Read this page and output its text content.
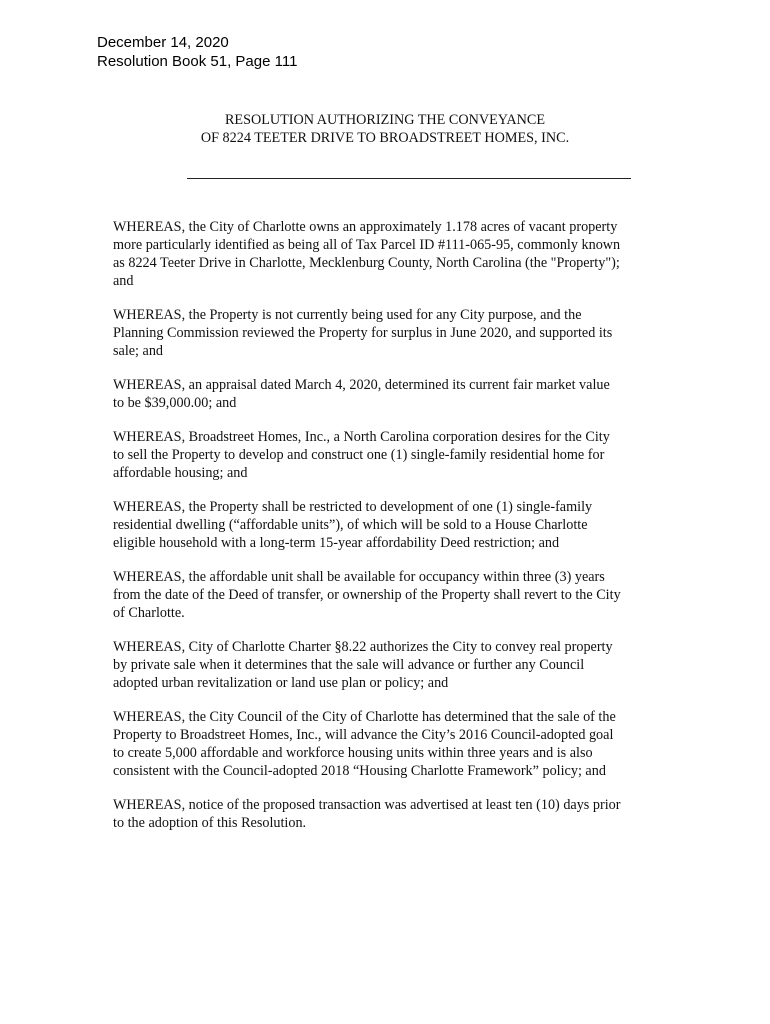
December 14, 2020
Resolution Book 51, Page 111
RESOLUTION AUTHORIZING THE CONVEYANCE
OF 8224 TEETER DRIVE TO BROADSTREET HOMES, INC.
WHEREAS, the City of Charlotte owns an approximately 1.178 acres of vacant property
more particularly identified as being all of Tax Parcel ID #111-065-95, commonly known
as 8224 Teeter Drive in Charlotte, Mecklenburg County, North Carolina (the "Property");
and
WHEREAS, the Property is not currently being used for any City purpose, and the
Planning Commission reviewed the Property for surplus in June 2020, and supported its
sale; and
WHEREAS, an appraisal dated March 4, 2020, determined its current fair market value
to be $39,000.00; and
WHEREAS, Broadstreet Homes, Inc., a North Carolina corporation desires for the City
to sell the Property to develop and construct one (1) single-family residential home for
affordable housing; and
WHEREAS, the Property shall be restricted to development of one (1) single-family
residential dwelling (“affordable units”), of which will be sold to a House Charlotte
eligible household with a long-term 15-year affordability Deed restriction; and
WHEREAS, the affordable unit shall be available for occupancy within three (3) years
from the date of the Deed of transfer, or ownership of the Property shall revert to the City
of Charlotte.
WHEREAS, City of Charlotte Charter §8.22 authorizes the City to convey real property
by private sale when it determines that the sale will advance or further any Council
adopted urban revitalization or land use plan or policy; and
WHEREAS, the City Council of the City of Charlotte has determined that the sale of the
Property to Broadstreet Homes, Inc., will advance the City’s 2016 Council-adopted goal
to create 5,000 affordable and workforce housing units within three years and is also
consistent with the Council-adopted 2018 “Housing Charlotte Framework” policy; and
WHEREAS, notice of the proposed transaction was advertised at least ten (10) days prior
to the adoption of this Resolution.
